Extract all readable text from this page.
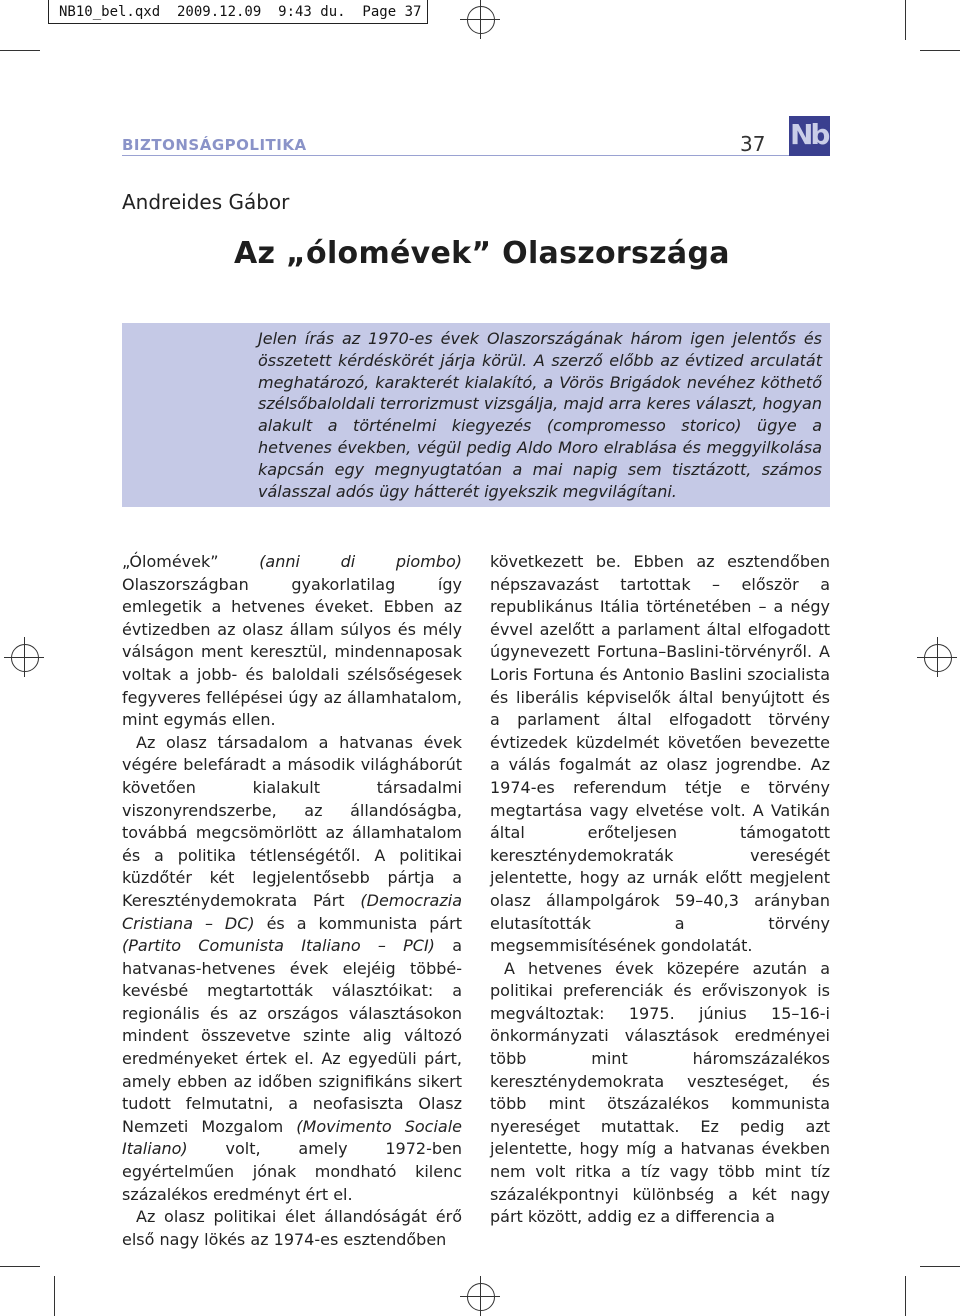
NB10_bel.qxd  2009.12.09  9:43 du.  Page 37
BIZTONSÁGPOLITIKA	37 Nb
Andreides Gábor
Az „ólomévek” Olaszországa

Jelen írás az 1970-es évek Olaszországának három igen jelentős és összetett kérdéskörét járja körül. A szerző előbb az évtized arculatát meghatározó, karakterét kialakító, a Vörös Brigádok nevéhez köthető szélsőbaloldali terrorizmust vizsgálja, majd arra keres választ, hogyan alakult a történelmi kiegyezés (compromesso storico) ügye a hetvenes években, végül pedig Aldo Moro elrablása és meggyilkolása kapcsán egy megnyugtatóan a mai napig sem tisztázott, számos válasszal adós ügy hátterét igyekszik megvilágítani.

„Ólomévek”	(anni di piombo) Olaszországban gyakorlatilag így emlegetik a hetvenes éveket. Ebben az évtizedben az olasz állam súlyos és mély válságon ment keresztül, mindennaposak voltak a jobb- és baloldali szélsőségesek fegyveres fellépései úgy az államhatalom, mint egymás ellen.

Az olasz társadalom a hatvanas évek végére belefáradt a második világháborút követően kialakult társadalmi viszonyrendszerbe, az állandóságba, továbbá megcsömörlött az államhatalom és a politika tétlenségétől. A politikai küzdőtér két legjelentősebb pártja a Kereszténydemokrata Párt (Democrazia Cristiana – DC) és a kommunista párt (Partito Comunista Italiano – PCI) a hatvanas-hetvenes évek elejéig többé-kevésbé megtartották választóikat: a regionális és az országos választásokon mindent összevetve szinte alig változó eredményeket értek el. Az egyedüli párt, amely ebben az időben szignifikáns sikert tudott felmutatni, a neofasiszta Olasz Nemzeti Mozgalom (Movimento Sociale Italiano) volt, amely 1972-ben egyértelműen jónak mondható kilenc százalékos eredményt ért el.

Az olasz politikai élet állandóságát érő első nagy lökés az 1974-es esztendőben

következett be. Ebben az esztendőben népszavazást tartottak – először a republikánus Itália történetében – a négy évvel azelőtt a parlament által elfogadott úgynevezett Fortuna–Baslini-törvényről. A Loris Fortuna és Antonio Baslini szocialista és liberális képviselők által benyújtott és a parlament által elfogadott törvény évtizedek küzdelmét követően bevezette a válás fogalmát az olasz jogrendbe. Az 1974-es referendum tétje e törvény megtartása vagy elvetése volt. A Vatikán által erőteljesen támogatott kereszténydemokraták vereségét jelentette, hogy az urnák előtt megjelent olasz állampolgárok 59–40,3 arányban elutasították a törvény megsemmisítésének gondolatát.

A hetvenes évek közepére azután a politikai preferenciák és erőviszonyok is megváltoztak: 1975. június 15–16-i önkormányzati választások eredményei több mint háromszázalékos kereszténydemokrata veszteséget, és több mint ötszázalékos kommunista nyereséget mutattak. Ez pedig azt jelentette, hogy míg a hatvanas években nem volt ritka a tíz vagy több mint tíz százalékpontnyi különbség a két nagy párt között, addig ez a differencia a
